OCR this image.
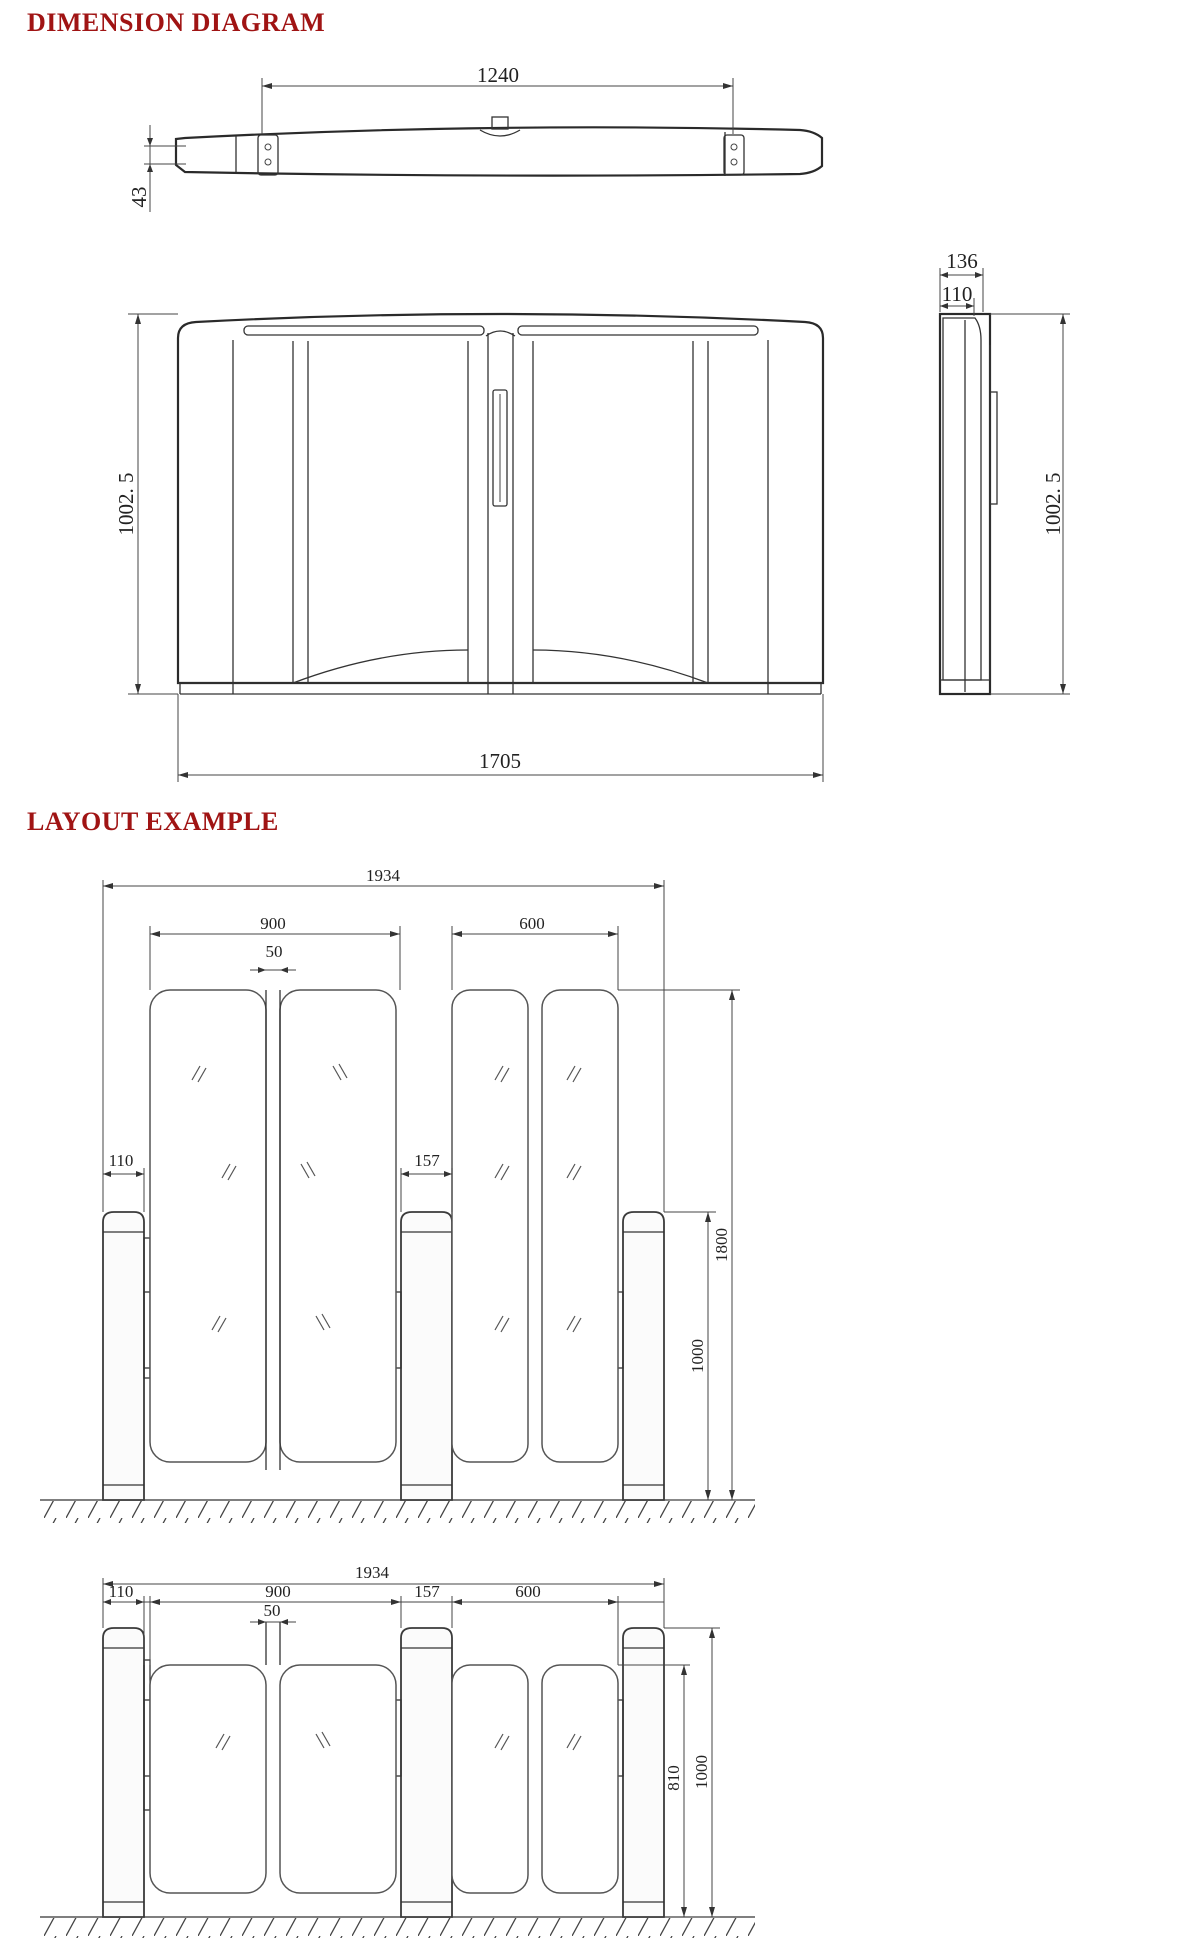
DIMENSION DIAGRAM
LAYOUT EXAMPLE
1240
43
1002. 5
1705
136
110
1002. 5
1934
900
50
600
110	157
1000
1800
1934
110	900	157	600
50
810 1000
